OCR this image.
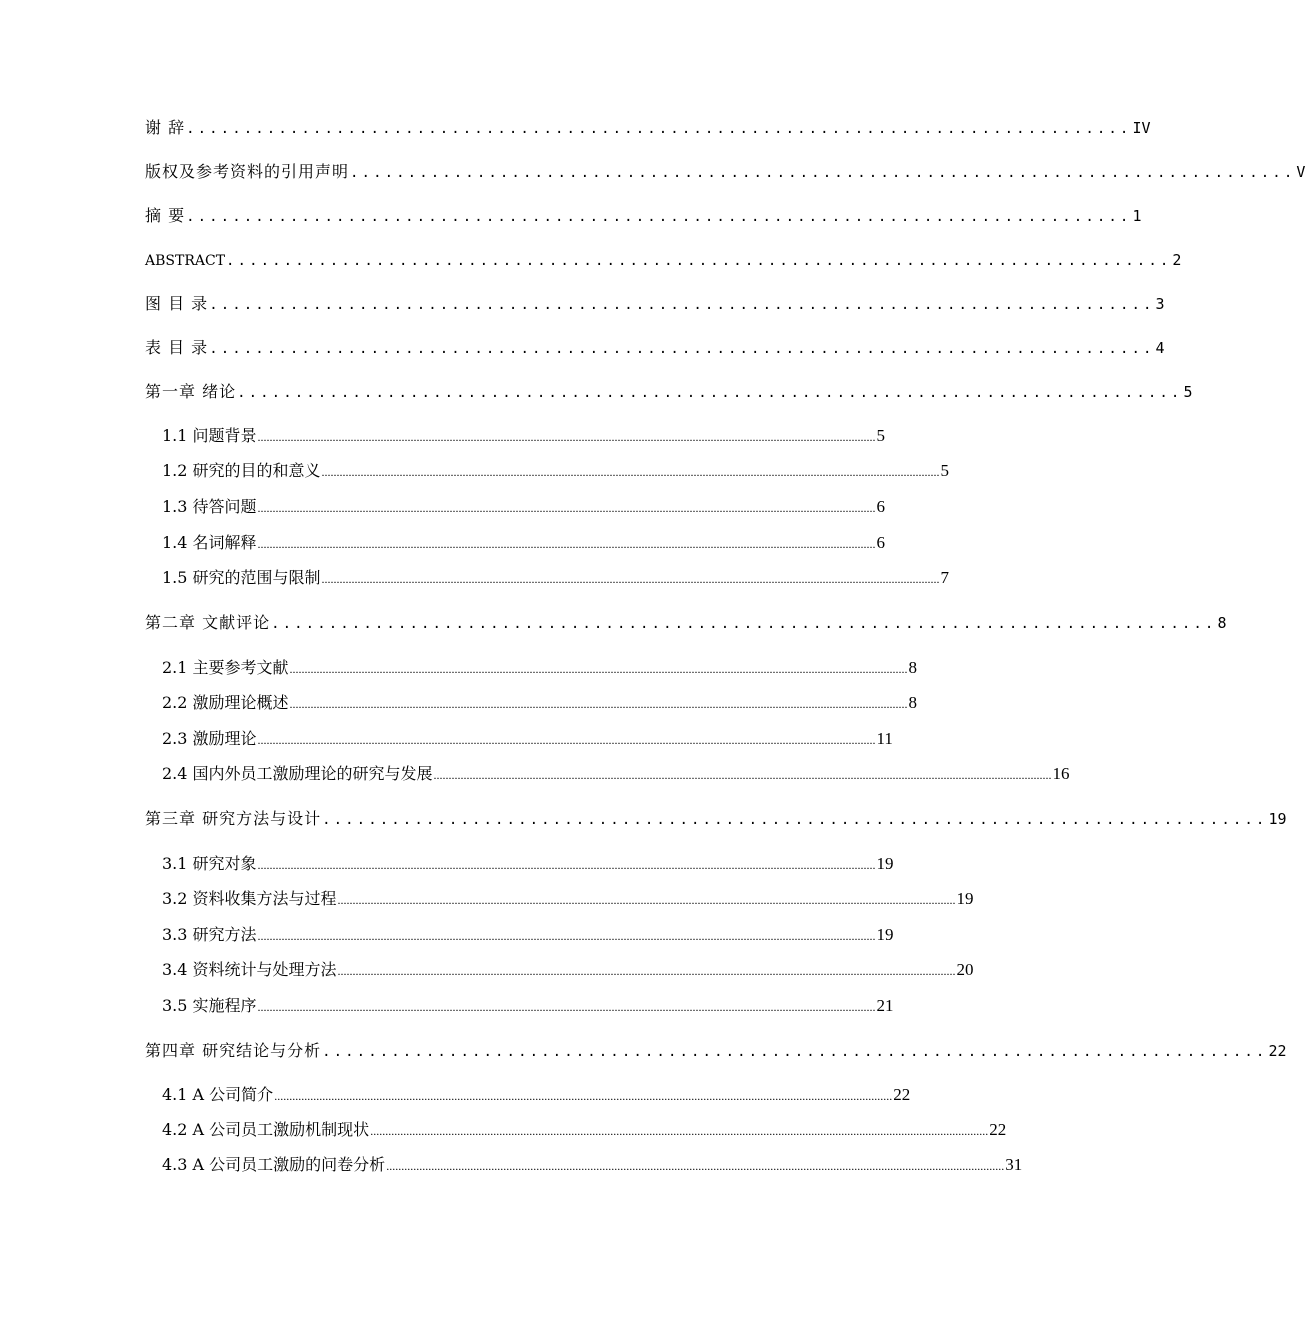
谢 辞 .................................................................................. IV
版权及参考资料的引用声明 .................................................................................. V
摘 要 .................................................................................. 1
ABSTRACT .................................................................................. 2
图 目 录 .................................................................................. 3
表 目 录 .................................................................................. 4
第一章 绪论 .................................................................................. 5
1.1 问题背景 .............................................................................................................................................................................................................. 5
1.2 研究的目的和意义 .............................................................................................................................................................................................................. 5
1.3 待答问题 .............................................................................................................................................................................................................. 6
1.4 名词解释 .............................................................................................................................................................................................................. 6
1.5 研究的范围与限制 .............................................................................................................................................................................................................. 7
第二章 文献评论 .................................................................................. 8
2.1 主要参考文献 .............................................................................................................................................................................................................. 8
2.2 激励理论概述 .............................................................................................................................................................................................................. 8
2.3 激励理论 .............................................................................................................................................................................................................. 11
2.4 国内外员工激励理论的研究与发展 .............................................................................................................................................................................................................. 16
第三章 研究方法与设计 .................................................................................. 19
3.1 研究对象 .............................................................................................................................................................................................................. 19
3.2 资料收集方法与过程 .............................................................................................................................................................................................................. 19
3.3 研究方法 .............................................................................................................................................................................................................. 19
3.4 资料统计与处理方法 .............................................................................................................................................................................................................. 20
3.5 实施程序 .............................................................................................................................................................................................................. 21
第四章 研究结论与分析 .................................................................................. 22
4.1 A 公司简介 .............................................................................................................................................................................................................. 22
4.2 A 公司员工激励机制现状 .............................................................................................................................................................................................................. 22
4.3 A 公司员工激励的问卷分析 .............................................................................................................................................................................................................. 31
